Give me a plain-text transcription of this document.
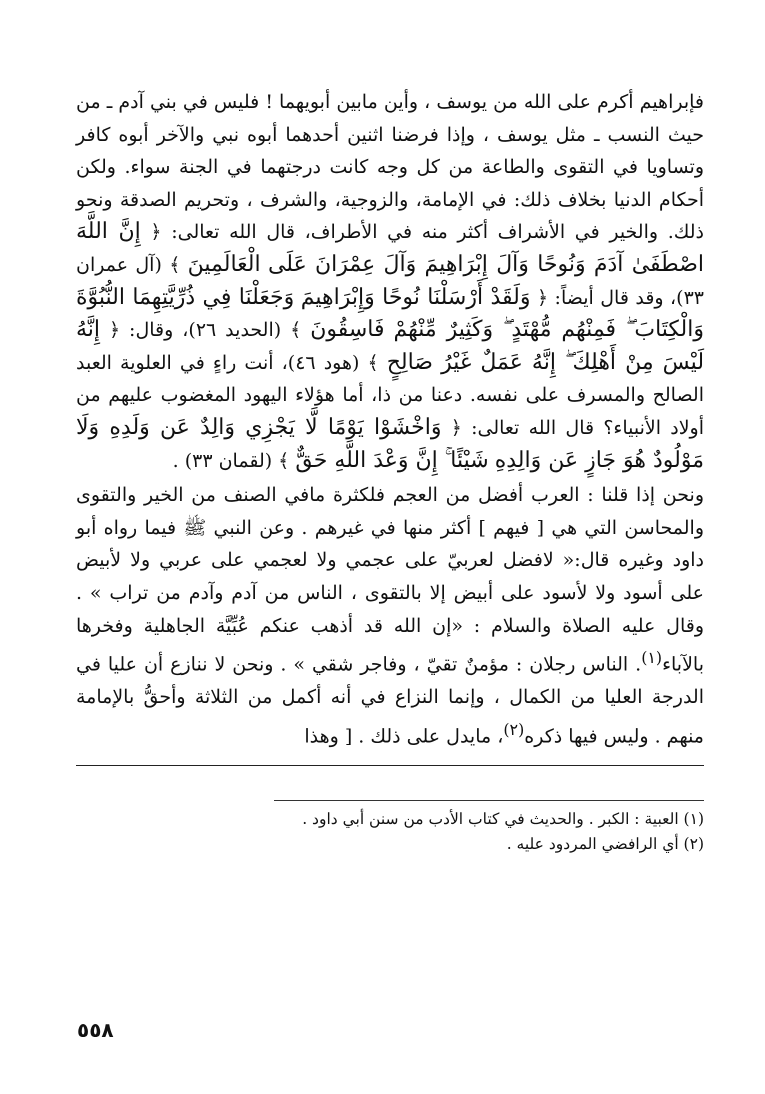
فإبراهيم أكرم على الله من يوسف ، وأين مابين أبويهما ! فليس في بني آدم ـ من حيث النسب ـ مثل يوسف ، وإذا فرضنا اثنين أحدهما أبوه نبي والآخر أبوه كافر وتساويا في التقوى والطاعة من كل وجه كانت درجتهما في الجنة سواء. ولكن أحكام الدنيا بخلاف ذلك: في الإمامة، والزوجية، والشرف ، وتحريم الصدقة ونحو ذلك. والخير في الأشراف أكثر منه في الأطراف، قال الله تعالى: ﴿ إِنَّ اللَّهَ اصْطَفَىٰ آدَمَ وَنُوحًا وَآلَ إِبْرَاهِيمَ وَآلَ عِمْرَانَ عَلَى الْعَالَمِينَ ﴾ (آل عمران ٣٣)، وقد قال أيضاً: ﴿ وَلَقَدْ أَرْسَلْنَا نُوحًا وَإِبْرَاهِيمَ وَجَعَلْنَا فِي ذُرِّيَّتِهِمَا النُّبُوَّةَ وَالْكِتَابَ ۖ فَمِنْهُم مُّهْتَدٍ ۖ وَكَثِيرٌ مِّنْهُمْ فَاسِقُونَ ﴾ (الحديد ٢٦)، وقال: ﴿ إِنَّهُ لَيْسَ مِنْ أَهْلِكَ ۖ إِنَّهُ عَمَلٌ غَيْرُ صَالِحٍ ﴾ (هود ٤٦)، أنت راءٍ في العلوية العبد الصالح والمسرف على نفسه. دعنا من ذا، أما هؤلاء اليهود المغضوب عليهم من أولاد الأنبياء؟ قال الله تعالى: ﴿ وَاخْشَوْا يَوْمًا لَّا يَجْزِي وَالِدٌ عَن وَلَدِهِ وَلَا مَوْلُودٌ هُوَ جَازٍ عَن وَالِدِهِ شَيْئًا ۚ إِنَّ وَعْدَ اللَّهِ حَقٌّ ﴾ (لقمان ٣٣) .

ونحن إذا قلنا : العرب أفضل من العجم فلكثرة مافي الصنف من الخير والتقوى والمحاسن التي هي [ فيهم ] أكثر منها في غيرهم . وعن النبي ﷺ فيما رواه أبو داود وغيره قال:« لافضل لعربيّ على عجمي ولا لعجمي على عربي ولا لأبيض على أسود ولا لأسود على أبيض إلا بالتقوى ، الناس من آدم وآدم من تراب » . وقال عليه الصلاة والسلام : «إن الله قد أذهب عنكم عُبِّيَّة الجاهلية وفخرها بالآباء$^{(١)}$. الناس رجلان : مؤمنٌ تقيّ ، وفاجر شقي » . ونحن لا ننازع أن عليا في الدرجة العليا من الكمال ، وإنما النزاع في أنه أكمل من الثلاثة وأحقُّ بالإمامة منهم . وليس فيها ذكره$^{(٢)}$، مايدل على ذلك . [ وهذا

(١) العبية : الكبر . والحديث في كتاب الأدب من سنن أبي داود .
(٢) أي الرافضي المردود عليه .
٥٥٨
